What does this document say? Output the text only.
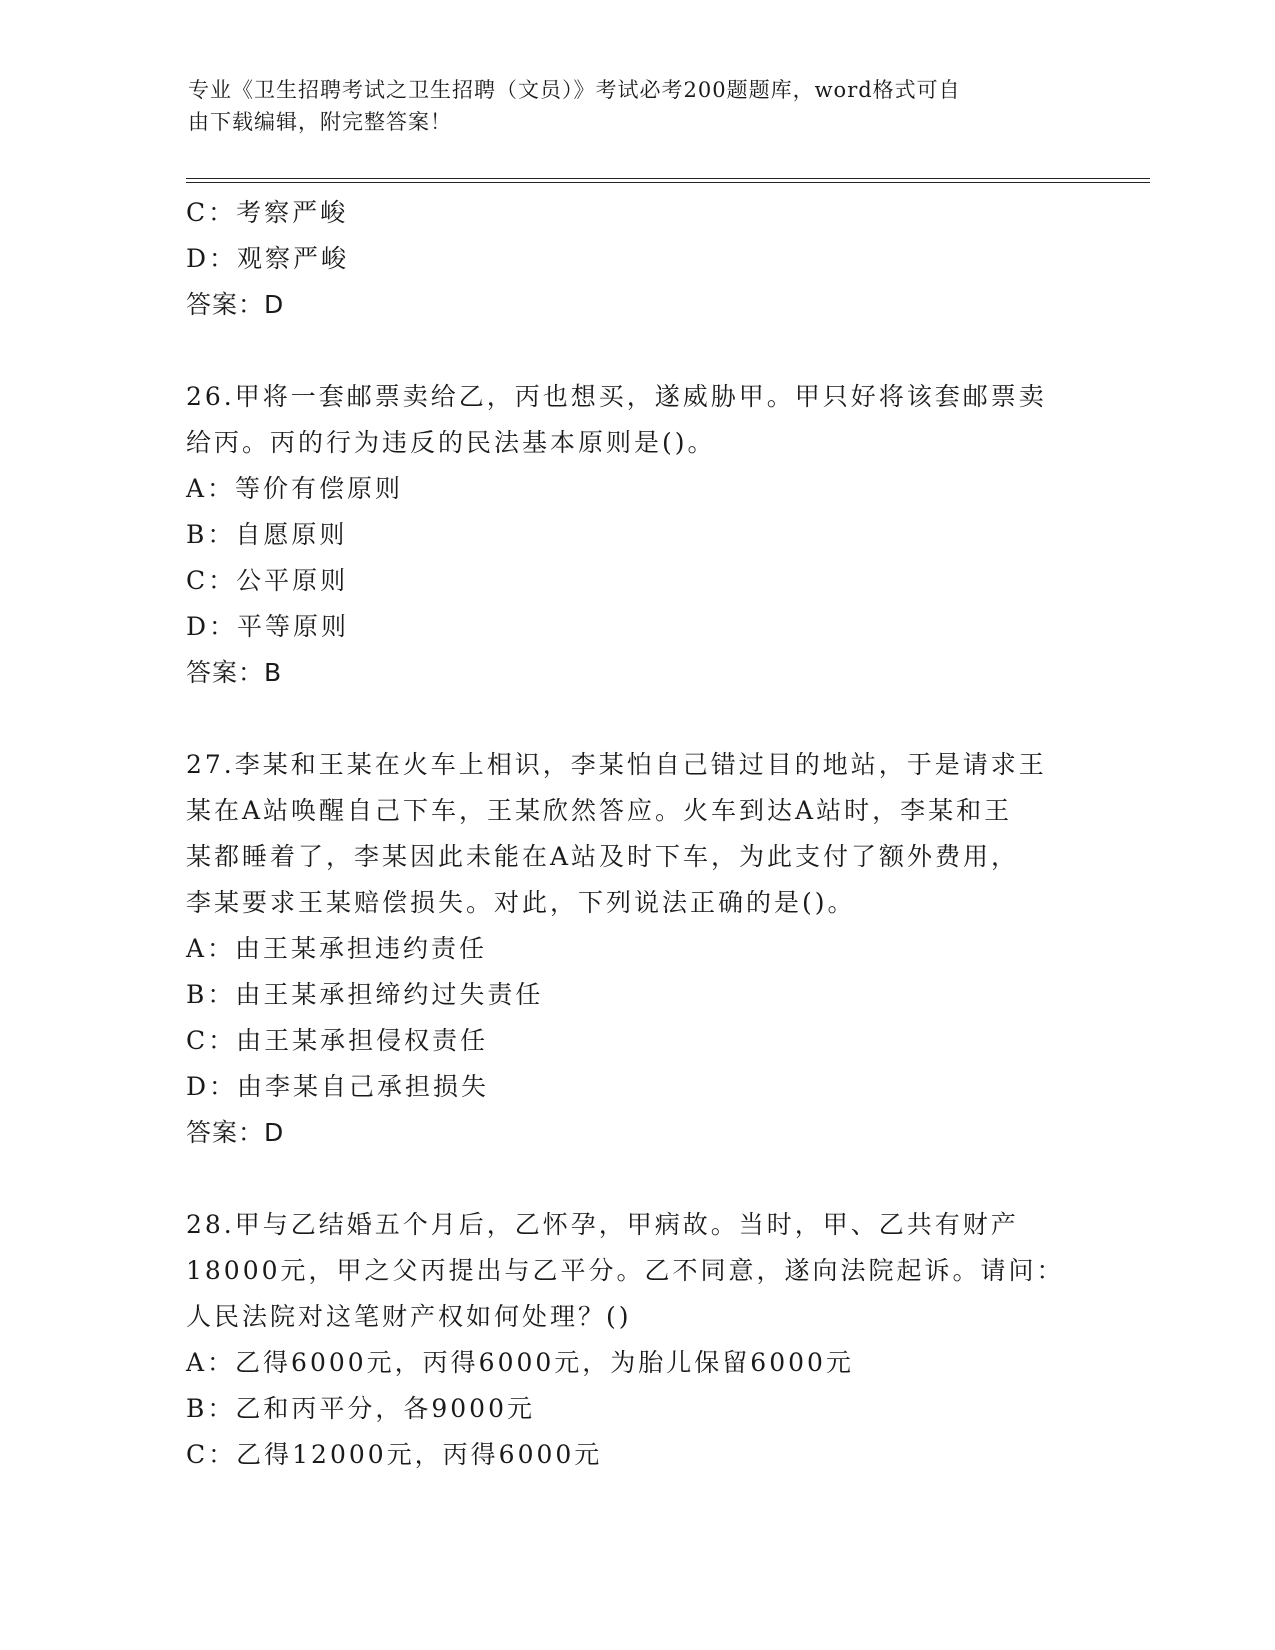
专业《卫生招聘考试之卫生招聘（文员）》考试必考200题题库，word格式可自
由下载编辑，附完整答案！
C：考察严峻
D：观察严峻
答案：D
26.甲将一套邮票卖给乙，丙也想买，遂威胁甲。甲只好将该套邮票卖
给丙。丙的行为违反的民法基本原则是()。
A：等价有偿原则
B：自愿原则
C：公平原则
D：平等原则
答案：B
27.李某和王某在火车上相识，李某怕自己错过目的地站，于是请求王
某在A站唤醒自己下车，王某欣然答应。火车到达A站时，李某和王
某都睡着了，李某因此未能在A站及时下车，为此支付了额外费用，
李某要求王某赔偿损失。对此，下列说法正确的是()。
A：由王某承担违约责任
B：由王某承担缔约过失责任
C：由王某承担侵权责任
D：由李某自己承担损失
答案：D
28.甲与乙结婚五个月后，乙怀孕，甲病故。当时，甲、乙共有财产
18000元，甲之父丙提出与乙平分。乙不同意，遂向法院起诉。请问：
人民法院对这笔财产权如何处理？()
A：乙得6000元，丙得6000元，为胎儿保留6000元
B：乙和丙平分，各9000元
C：乙得12000元，丙得6000元
